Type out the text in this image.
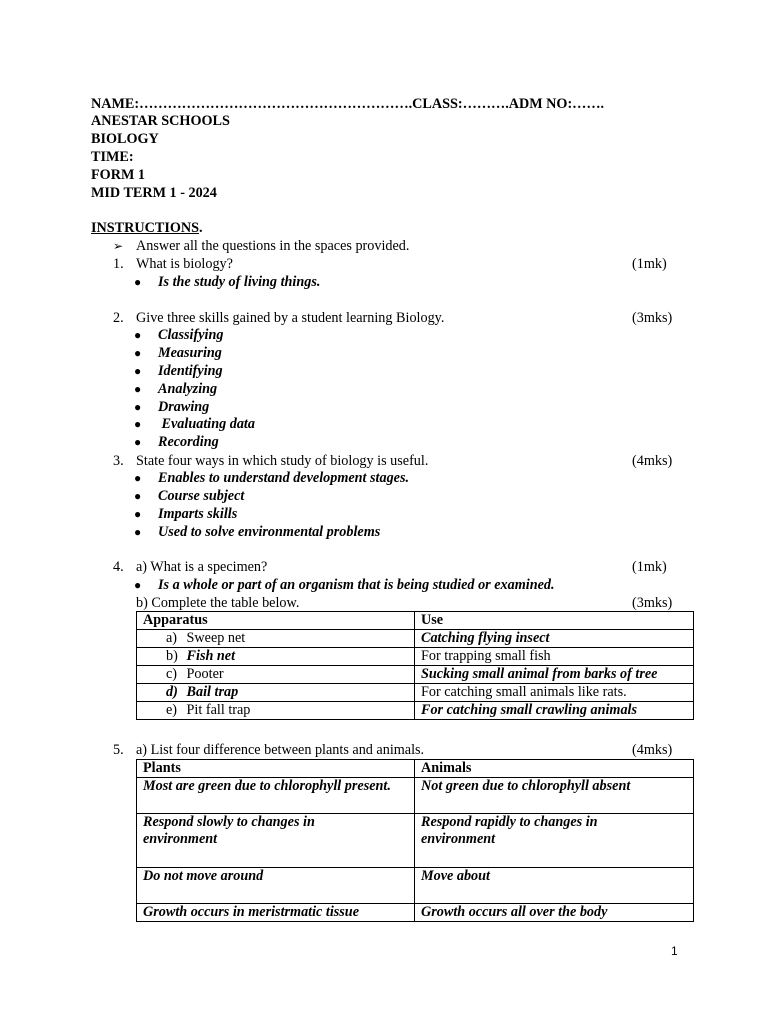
NAME:………………………………………………….CLASS:……….ADM NO:…….
ANESTAR SCHOOLS
BIOLOGY
TIME:
FORM 1
MID TERM 1 - 2024
INSTRUCTIONS.
➢ Answer all the questions in the spaces provided.
1. What is biology?	(1mk)
● Is the study of living things.
2. Give three skills gained by a student learning Biology.	(3mks)
● Classifying
● Measuring
● Identifying
● Analyzing
● Drawing
● Evaluating data
● Recording
3. State four ways in which study of biology is useful.	(4mks)
● Enables to understand development stages.
● Course subject
● Imparts skills
● Used to solve environmental problems
4. a) What is a specimen?	(1mk)
● Is a whole or part of an organism that is being studied or examined.
b) Complete the table below.	(3mks)
Apparatus	Use
a) Sweep net	Catching flying insect
b) Fish net	For trapping small fish
c) Pooter	Sucking small animal from barks of tree
d) Bail trap	For catching small animals like rats.
e) Pit fall trap	For catching small crawling animals
5. a) List four difference between plants and animals.	(4mks)
Plants	Animals
Most are green due to chlorophyll present.	Not green due to chlorophyll absent
Respond slowly to changes in environment	Respond rapidly to changes in environment
Do not move around	Move about
Growth occurs in meristrmatic tissue	Growth occurs all over the body
1
